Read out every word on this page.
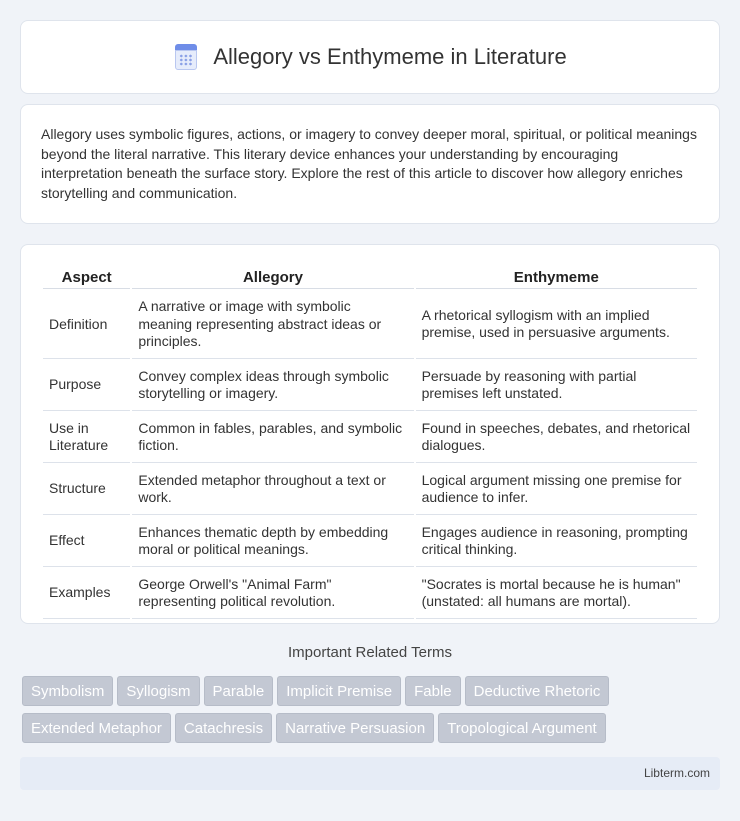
Allegory vs Enthymeme in Literature

Allegory uses symbolic figures, actions, or imagery to convey deeper moral, spiritual, or political meanings beyond the literal narrative. This literary device enhances your understanding by encouraging interpretation beneath the surface story. Explore the rest of this article to discover how allegory enriches storytelling and communication.

Aspect	Allegory	Enthymeme
Definition	A narrative or image with symbolic meaning representing abstract ideas or principles.	A rhetorical syllogism with an implied premise, used in persuasive arguments.
Purpose	Convey complex ideas through symbolic storytelling or imagery.	Persuade by reasoning with partial premises left unstated.
Use in Literature	Common in fables, parables, and symbolic fiction.	Found in speeches, debates, and rhetorical dialogues.
Structure	Extended metaphor throughout a text or work.	Logical argument missing one premise for audience to infer.
Effect	Enhances thematic depth by embedding moral or political meanings.	Engages audience in reasoning, prompting critical thinking.
Examples	George Orwell's "Animal Farm" representing political revolution.	"Socrates is mortal because he is human" (unstated: all humans are mortal).
Important Related Terms
Symbolism Syllogism Parable Implicit Premise Fable Deductive Rhetoric
Extended Metaphor Catachresis Narrative Persuasion Tropological Argument
Libterm.com
